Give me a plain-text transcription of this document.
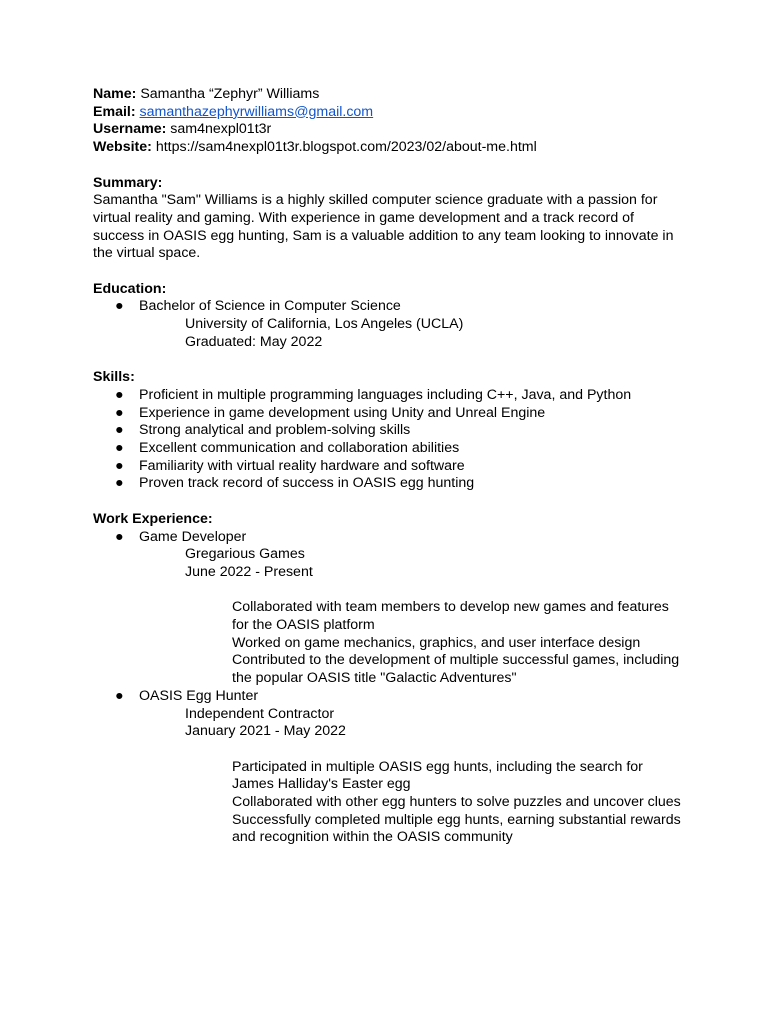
Name: Samantha “Zephyr” Williams
Email: samanthazephyrwilliams@gmail.com
Username: sam4nexpl01t3r
Website: https://sam4nexpl01t3r.blogspot.com/2023/02/about-me.html
Summary:
Samantha "Sam" Williams is a highly skilled computer science graduate with a passion for virtual reality and gaming. With experience in game development and a track record of success in OASIS egg hunting, Sam is a valuable addition to any team looking to innovate in the virtual space.
Education:
● Bachelor of Science in Computer Science
University of California, Los Angeles (UCLA)
Graduated: May 2022
Skills:
● Proficient in multiple programming languages including C++, Java, and Python
● Experience in game development using Unity and Unreal Engine
● Strong analytical and problem-solving skills
● Excellent communication and collaboration abilities
● Familiarity with virtual reality hardware and software
● Proven track record of success in OASIS egg hunting
Work Experience:
● Game Developer
Gregarious Games
June 2022 - Present
Collaborated with team members to develop new games and features for the OASIS platform
Worked on game mechanics, graphics, and user interface design
Contributed to the development of multiple successful games, including the popular OASIS title "Galactic Adventures"
● OASIS Egg Hunter
Independent Contractor
January 2021 - May 2022
Participated in multiple OASIS egg hunts, including the search for James Halliday's Easter egg
Collaborated with other egg hunters to solve puzzles and uncover clues
Successfully completed multiple egg hunts, earning substantial rewards and recognition within the OASIS community
